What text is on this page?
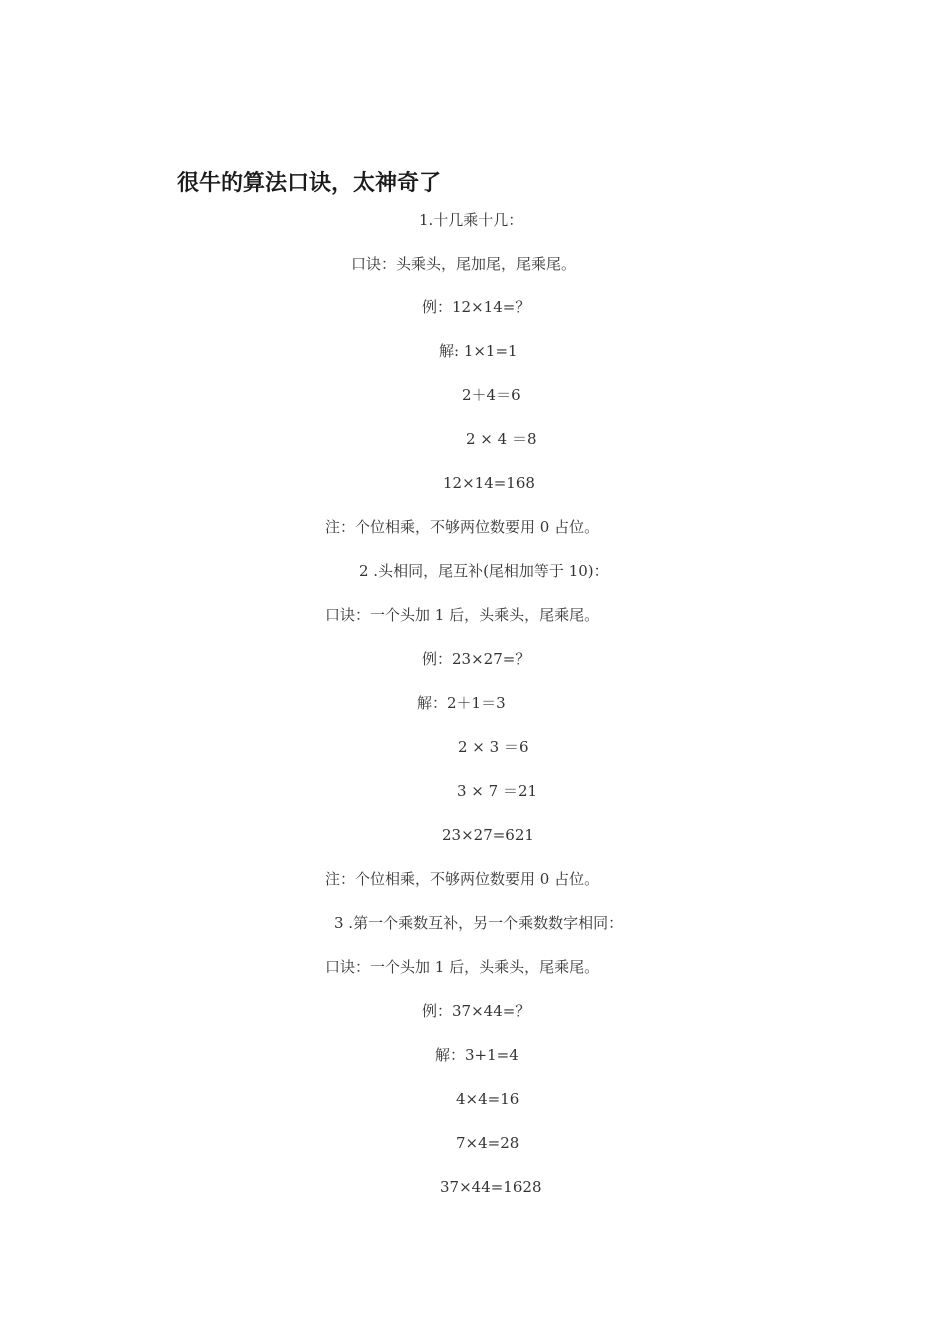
很牛的算法口诀，太神奇了
1.十几乘十几：
口诀：头乘头，尾加尾，尾乘尾。
例：12×14=？
解: 1×1=1
2＋4＝6
2 × 4 ＝8
12×14=168
注：个位相乘，不够两位数要用 0 占位。
2 .头相同，尾互补(尾相加等于 10)：
口诀：一个头加 1 后，头乘头，尾乘尾。
例：23×27=？
解：2＋1＝3
2 × 3 ＝6
3 × 7 ＝21
23×27=621
注：个位相乘，不够两位数要用 0 占位。
3 .第一个乘数互补，另一个乘数数字相同：
口诀：一个头加 1 后，头乘头，尾乘尾。
例：37×44=？
解：3+1=4
4×4=16
7×4=28
37×44=1628
